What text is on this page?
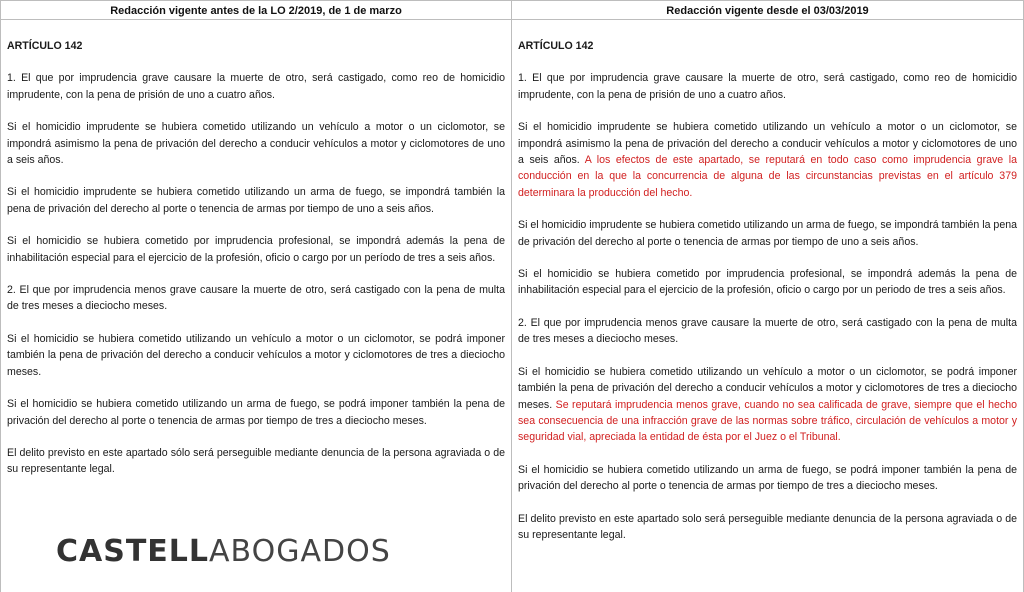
Redacción vigente antes de la LO 2/2019, de 1 de marzo

ARTÍCULO 142

1. El que por imprudencia grave causare la muerte de otro, será castigado, como reo de homicidio imprudente, con la pena de prisión de uno a cuatro años.

Si el homicidio imprudente se hubiera cometido utilizando un vehículo a motor o un ciclomotor, se impondrá asimismo la pena de privación del derecho a conducir vehículos a motor y ciclomotores de uno a seis años.

Si el homicidio imprudente se hubiera cometido utilizando un arma de fuego, se impondrá también la pena de privación del derecho al porte o tenencia de armas por tiempo de uno a seis años.

Si el homicidio se hubiera cometido por imprudencia profesional, se impondrá además la pena de inhabilitación especial para el ejercicio de la profesión, oficio o cargo por un período de tres a seis años.

2. El que por imprudencia menos grave causare la muerte de otro, será castigado con la pena de multa de tres meses a dieciocho meses.

Si el homicidio se hubiera cometido utilizando un vehículo a motor o un ciclomotor, se podrá imponer también la pena de privación del derecho a conducir vehículos a motor y ciclomotores de tres a dieciocho meses.

Si el homicidio se hubiera cometido utilizando un arma de fuego, se podrá imponer también la pena de privación del derecho al porte o tenencia de armas por tiempo de tres a dieciocho meses.

El delito previsto en este apartado sólo será perseguible mediante denuncia de la persona agraviada o de su representante legal.

CASTELLABOGADOS
Redacción vigente desde el 03/03/2019

ARTÍCULO 142

1. El que por imprudencia grave causare la muerte de otro, será castigado, como reo de homicidio imprudente, con la pena de prisión de uno a cuatro años.

Si el homicidio imprudente se hubiera cometido utilizando un vehículo a motor o un ciclomotor, se impondrá asimismo la pena de privación del derecho a conducir vehículos a motor y ciclomotores de uno a seis años. A los efectos de este apartado, se reputará en todo caso como imprudencia grave la conducción en la que la concurrencia de alguna de las circunstancias previstas en el artículo 379 determinara la producción del hecho.

Si el homicidio imprudente se hubiera cometido utilizando un arma de fuego, se impondrá también la pena de privación del derecho al porte o tenencia de armas por tiempo de uno a seis años.

Si el homicidio se hubiera cometido por imprudencia profesional, se impondrá además la pena de inhabilitación especial para el ejercicio de la profesión, oficio o cargo por un periodo de tres a seis años.

2. El que por imprudencia menos grave causare la muerte de otro, será castigado con la pena de multa de tres meses a dieciocho meses.

Si el homicidio se hubiera cometido utilizando un vehículo a motor o un ciclomotor, se podrá imponer también la pena de privación del derecho a conducir vehículos a motor y ciclomotores de tres a dieciocho meses. Se reputará imprudencia menos grave, cuando no sea calificada de grave, siempre que el hecho sea consecuencia de una infracción grave de las normas sobre tráfico, circulación de vehículos a motor y seguridad vial, apreciada la entidad de ésta por el Juez o el Tribunal.

Si el homicidio se hubiera cometido utilizando un arma de fuego, se podrá imponer también la pena de privación del derecho al porte o tenencia de armas por tiempo de tres a dieciocho meses.

El delito previsto en este apartado solo será perseguible mediante denuncia de la persona agraviada o de su representante legal.
